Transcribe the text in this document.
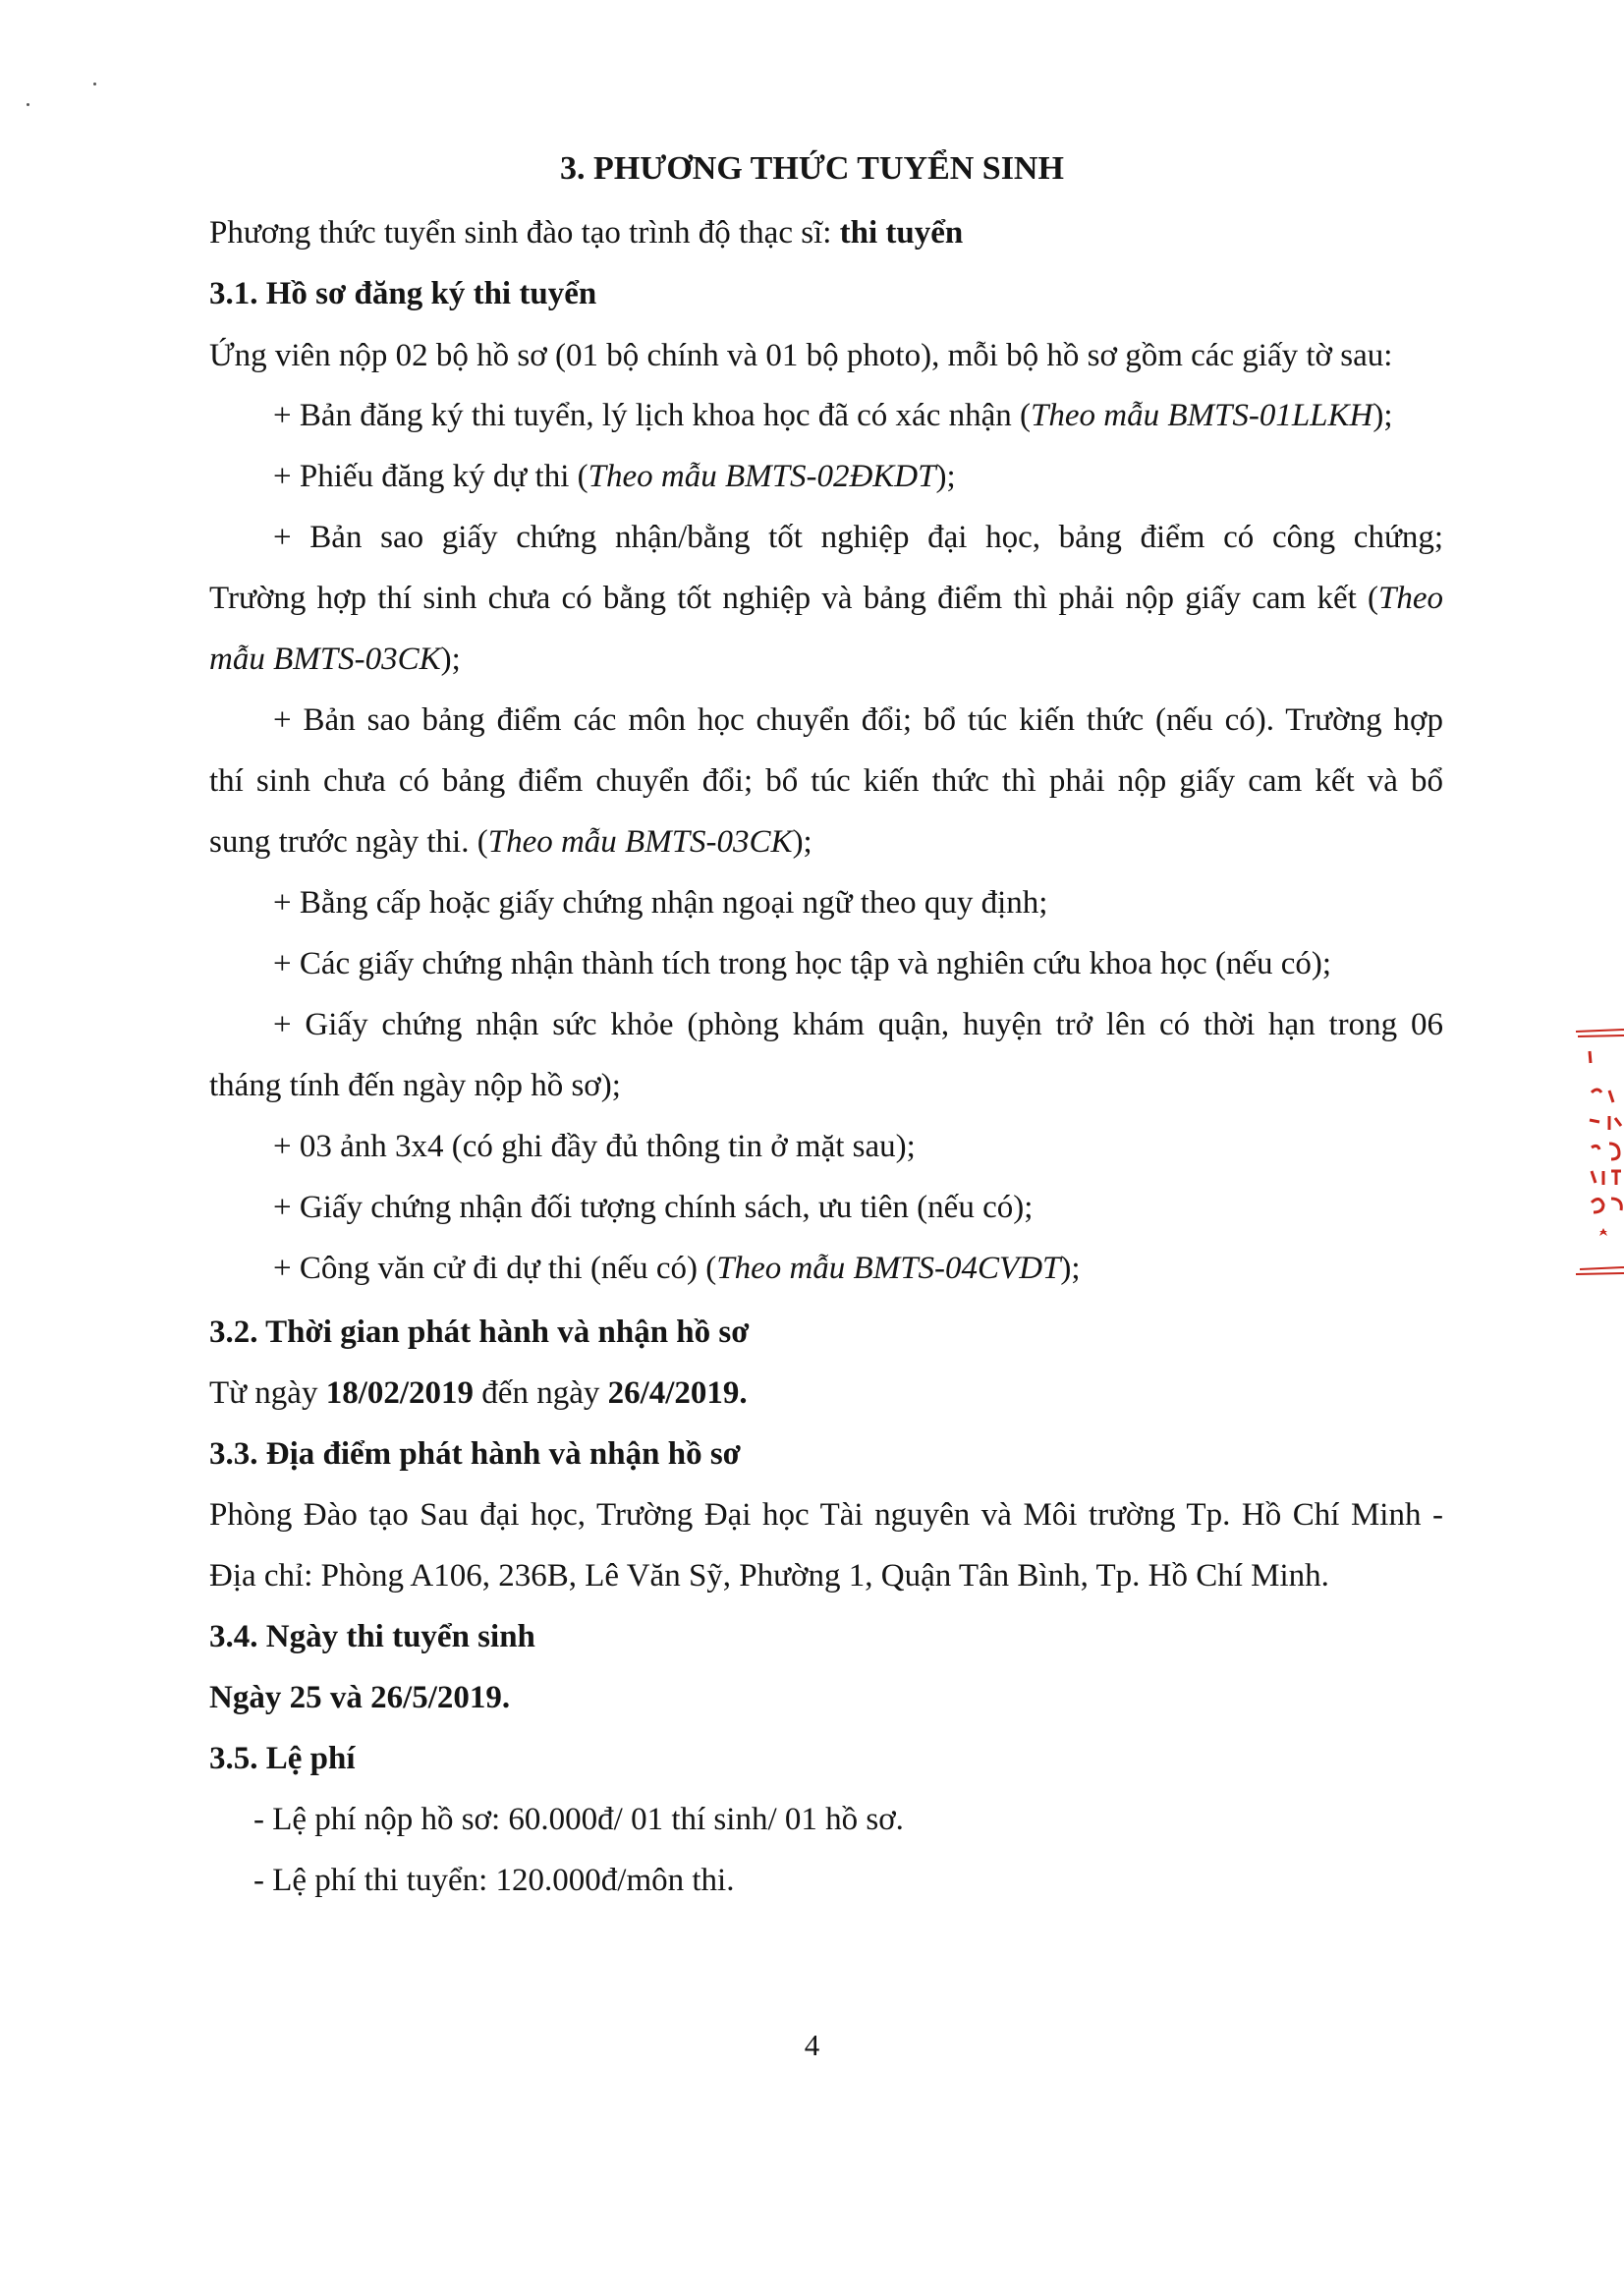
3. PHƯƠNG THỨC TUYỂN SINH
Phương thức tuyển sinh đào tạo trình độ thạc sĩ: thi tuyển
3.1. Hồ sơ đăng ký thi tuyển
Ứng viên nộp 02 bộ hồ sơ (01 bộ chính và 01 bộ photo), mỗi bộ hồ sơ gồm các giấy tờ sau:
+ Bản đăng ký thi tuyển, lý lịch khoa học đã có xác nhận (Theo mẫu BMTS-01LLKH);
+ Phiếu đăng ký dự thi (Theo mẫu BMTS-02ĐKDT);
+ Bản sao giấy chứng nhận/bằng tốt nghiệp đại học, bảng điểm có công chứng;
Trường hợp thí sinh chưa có bằng tốt nghiệp và bảng điểm thì phải nộp giấy cam kết (Theo
mẫu BMTS-03CK);
+ Bản sao bảng điểm các môn học chuyển đổi; bổ túc kiến thức (nếu có). Trường hợp
thí sinh chưa có bảng điểm chuyển đổi; bổ túc kiến thức thì phải nộp giấy cam kết và bổ
sung trước ngày thi. (Theo mẫu BMTS-03CK);
+ Bằng cấp hoặc giấy chứng nhận ngoại ngữ theo quy định;
+ Các giấy chứng nhận thành tích trong học tập và nghiên cứu khoa học (nếu có);
+ Giấy chứng nhận sức khỏe (phòng khám quận, huyện trở lên có thời hạn trong 06
tháng tính đến ngày nộp hồ sơ);
+ 03 ảnh 3x4 (có ghi đầy đủ thông tin ở mặt sau);
+ Giấy chứng nhận đối tượng chính sách, ưu tiên (nếu có);
+ Công văn cử đi dự thi (nếu có) (Theo mẫu BMTS-04CVDT);
3.2. Thời gian phát hành và nhận hồ sơ
Từ ngày 18/02/2019 đến ngày 26/4/2019.
3.3. Địa điểm phát hành và nhận hồ sơ
Phòng Đào tạo Sau đại học, Trường Đại học Tài nguyên và Môi trường Tp. Hồ Chí Minh -
Địa chỉ: Phòng A106, 236B, Lê Văn Sỹ, Phường 1, Quận Tân Bình, Tp. Hồ Chí Minh.
3.4. Ngày thi tuyển sinh
Ngày 25 và 26/5/2019.
3.5. Lệ phí
- Lệ phí nộp hồ sơ: 60.000đ/ 01 thí sinh/ 01 hồ sơ.
- Lệ phí thi tuyển: 120.000đ/môn thi.
4
